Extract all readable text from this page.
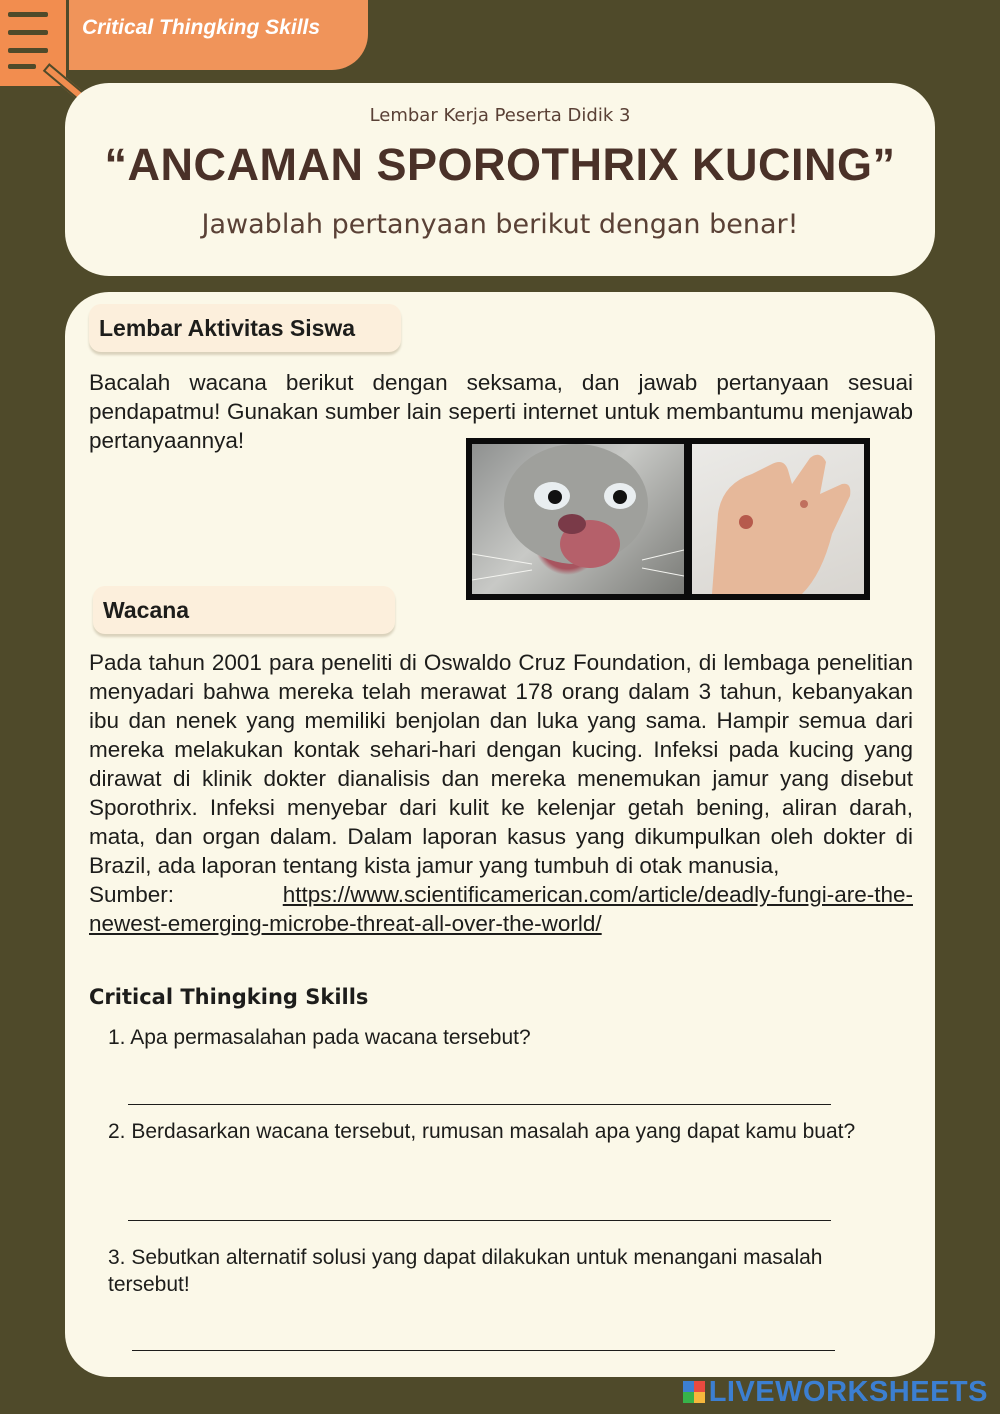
Critical Thingking Skills
Lembar Kerja Peserta Didik 3
“ANCAMAN SPOROTHRIX KUCING”
Jawablah pertanyaan berikut dengan benar!
Lembar Aktivitas Siswa

Bacalah wacana berikut dengan seksama, dan jawab pertanyaan sesuai pendapatmu! Gunakan sumber lain seperti internet untuk membantumu menjawab pertanyaannya!

Wacana

Pada tahun 2001 para peneliti di Oswaldo Cruz Foundation, di lembaga penelitian menyadari bahwa mereka telah merawat 178 orang dalam 3 tahun, kebanyakan ibu dan nenek yang memiliki benjolan dan luka yang sama. Hampir semua dari mereka melakukan kontak sehari-hari dengan kucing. Infeksi pada kucing yang dirawat di klinik dokter dianalisis dan mereka menemukan jamur yang disebut Sporothrix. Infeksi menyebar dari kulit ke kelenjar getah bening, aliran darah, mata, dan organ dalam. Dalam laporan kasus yang dikumpulkan oleh dokter di Brazil, ada laporan tentang kista jamur yang tumbuh di otak manusia,
Sumber:	https://www.scientificamerican.com/article/deadly-fungi-are-the-newest-emerging-microbe-threat-all-over-the-world/

Critical Thingking Skills
1. Apa permasalahan pada wacana tersebut?
2. Berdasarkan wacana tersebut, rumusan masalah apa yang dapat kamu buat?
3. Sebutkan alternatif solusi yang dapat dilakukan untuk menangani masalah tersebut!
LIVEWORKSHEETS
